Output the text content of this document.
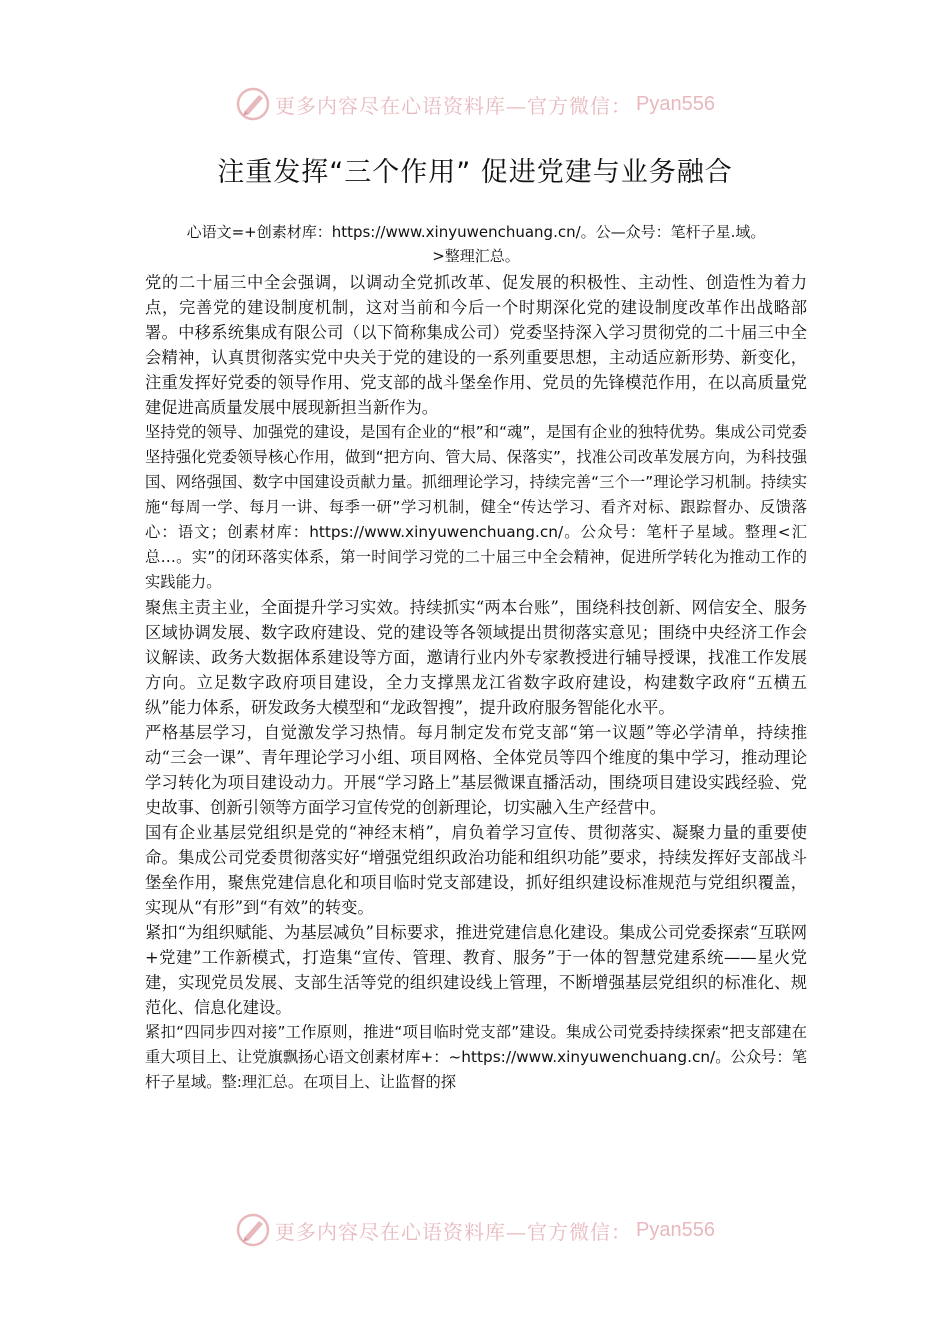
更多内容尽在心语资料库—官方微信： Pyan556
注重发挥“三个作用” 促进党建与业务融合
心语文=+创素材库：https://www.xinyuwenchuang.cn/。公—众号：笔杆子星.域。
>整理汇总。

党的二十届三中全会强调，以调动全党抓改革、促发展的积极性、主动性、创造性为着力点，完善党的建设制度机制，这对当前和今后一个时期深化党的建设制度改革作出战略部署。中移系统集成有限公司（以下简称集成公司）党委坚持深入学习贯彻党的二十届三中全会精神，认真贯彻落实党中央关于党的建设的一系列重要思想，主动适应新形势、新变化，注重发挥好党委的领导作用、党支部的战斗堡垒作用、党员的先锋模范作用，在以高质量党建促进高质量发展中展现新担当新作为。

坚持党的领导、加强党的建设，是国有企业的“根”和“魂”，是国有企业的独特优势。集成公司党委坚持强化党委领导核心作用，做到“把方向、管大局、保落实”，找准公司改革发展方向，为科技强国、网络强国、数字中国建设贡献力量。抓细理论学习，持续完善“三个一”理论学习机制。持续实施“每周一学、每月一讲、每季一研”学习机制，健全“传达学习、看齐对标、跟踪督办、反馈落心：语文；创素材库：https://www.xinyuwenchuang.cn/。公众号：笔杆子星域。整理<汇总…。实”的闭环落实体系，第一时间学习党的二十届三中全会精神，促进所学转化为推动工作的实践能力。

聚焦主责主业，全面提升学习实效。持续抓实“两本台账”，围绕科技创新、网信安全、服务区域协调发展、数字政府建设、党的建设等各领域提出贯彻落实意见；围绕中央经济工作会议解读、政务大数据体系建设等方面，邀请行业内外专家教授进行辅导授课，找准工作发展方向。立足数字政府项目建设，全力支撑黑龙江省数字政府建设，构建数字政府“五横五纵”能力体系，研发政务大模型和“龙政智搜”，提升政府服务智能化水平。

严格基层学习，自觉激发学习热情。每月制定发布党支部“第一议题”等必学清单，持续推动“三会一课”、青年理论学习小组、项目网格、全体党员等四个维度的集中学习，推动理论学习转化为项目建设动力。开展“学习路上”基层微课直播活动，围绕项目建设实践经验、党史故事、创新引领等方面学习宣传党的创新理论，切实融入生产经营中。

国有企业基层党组织是党的“神经末梢”，肩负着学习宣传、贯彻落实、凝聚力量的重要使命。集成公司党委贯彻落实好“增强党组织政治功能和组织功能”要求，持续发挥好支部战斗堡垒作用，聚焦党建信息化和项目临时党支部建设，抓好组织建设标准规范与党组织覆盖，实现从“有形”到“有效”的转变。

紧扣“为组织赋能、为基层减负”目标要求，推进党建信息化建设。集成公司党委探索“互联网+党建”工作新模式，打造集“宣传、管理、教育、服务”于一体的智慧党建系统——星火党建，实现党员发展、支部生活等党的组织建设线上管理，不断增强基层党组织的标准化、规范化、信息化建设。

紧扣“四同步四对接”工作原则，推进“项目临时党支部”建设。集成公司党委持续探索“把支部建在重大项目上、让党旗飘扬心语文创素材库+：~https://www.xinyuwenchuang.cn/。公众号：笔杆子星域。整:理汇总。在项目上、让监督的探

更多内容尽在心语资料库—官方微信： Pyan556
